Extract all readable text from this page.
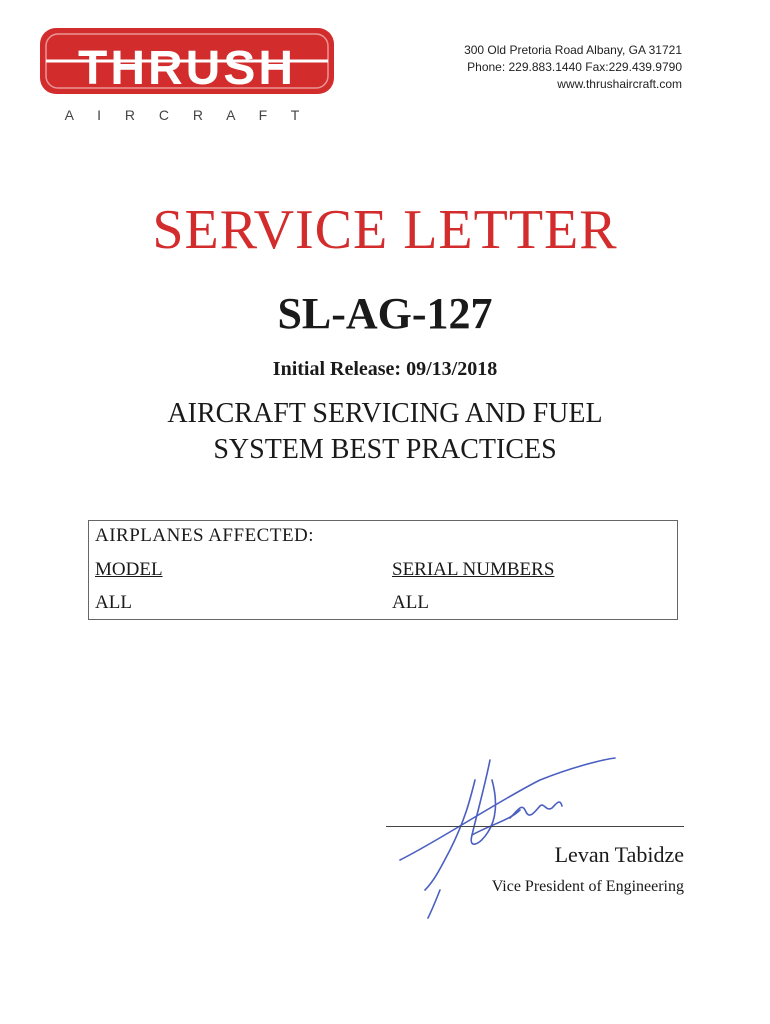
THRUSH
A I R C R A F T
300 Old Pretoria Road Albany, GA 31721
Phone: 229.883.1440 Fax:229.439.9790
www.thrushaircraft.com
SERVICE LETTER
SL-AG-127
Initial Release: 09/13/2018
AIRCRAFT SERVICING AND FUEL
SYSTEM BEST PRACTICES
AIRPLANES AFFECTED:
MODEL	SERIAL NUMBERS
ALL	ALL
Levan Tabidze
Vice President of Engineering
